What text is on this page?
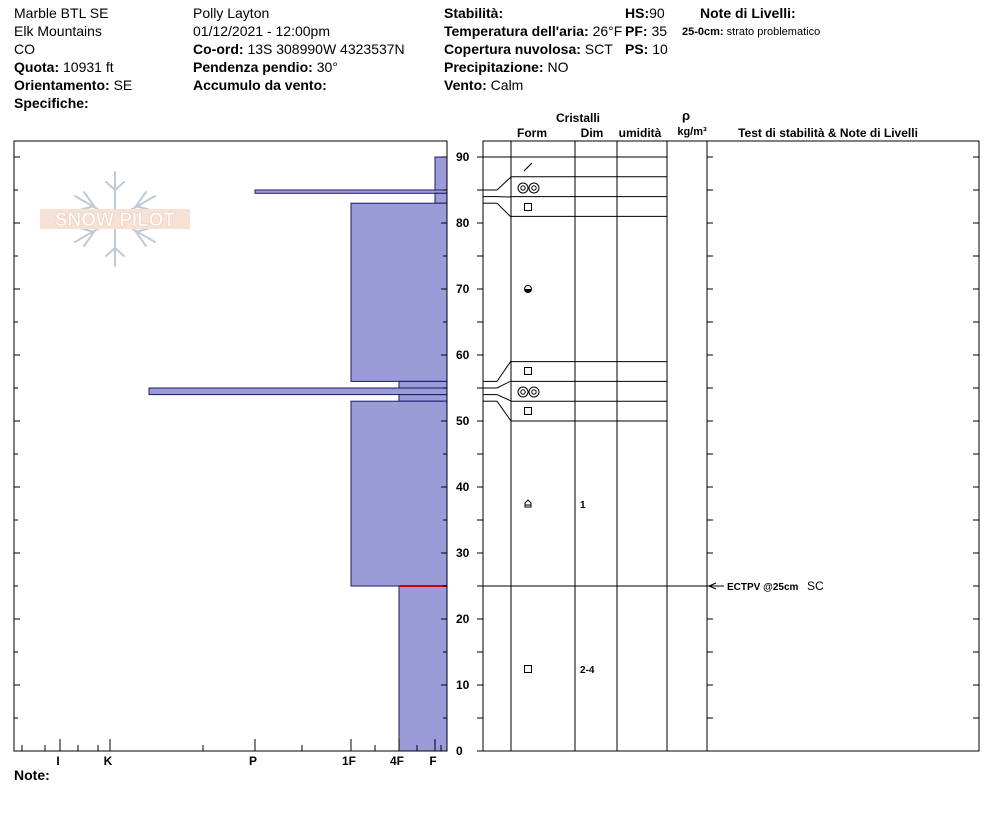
Marble BTL SE
Elk Mountains
CO
Quota: 10931 ft
Orientamento: SE
Specifiche:
Polly Layton
01/12/2021 - 12:00pm
Co-ord: 13S 308990W 4323537N
Pendenza pendio: 30°
Accumulo da vento:
Stabilità:
Temperatura dell'aria: 26°F
Copertura nuvolosa: SCT
Precipitazione: NO
Vento: Calm
HS:90
PF: 35
PS: 10
Note di Livelli:
25-0cm: strato problematico
Note:
SNOW PILOT
0
10
20
30
40
50
60
70
80
90
I	K	P	1F	4F F
Cristalli
Form	Dim umidità
ρ
kg/m³	Test di stabilità & Note di Livelli
1
2-4
ECTPV @25cm SC
